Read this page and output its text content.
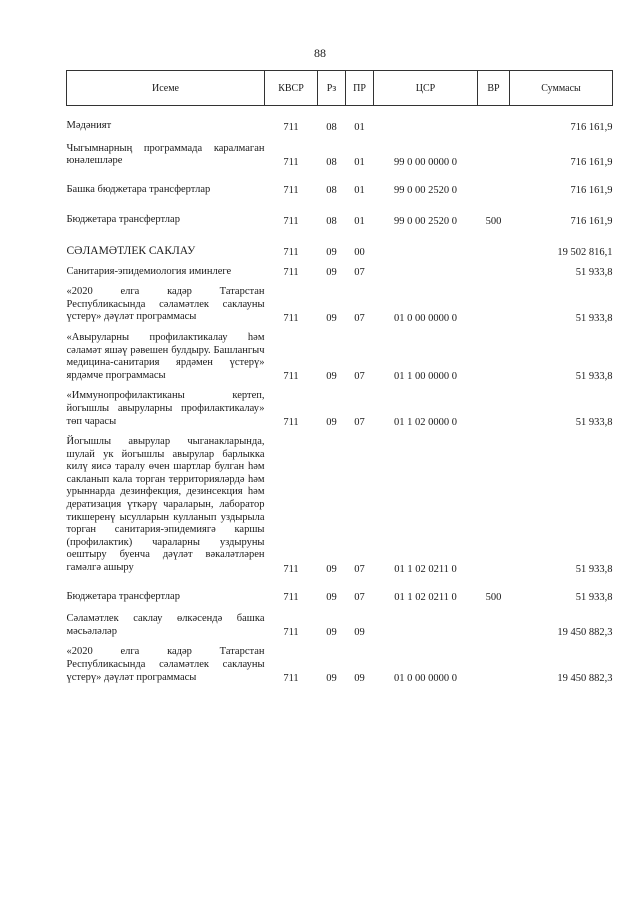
88
Исеме	КВСР	Рз	ПР	ЦСР	ВР	Суммасы

Мәдәният	711	08	01			716 161,9

Чыгымнарның программада каралмаган юнәлешләре	711	08	01	99 0 00 0000 0		716 161,9

Башка бюджетара трансфертлар	711	08	01	99 0 00 2520 0		716 161,9

Бюджетара трансфертлар	711	08	01	99 0 00 2520 0	500	716 161,9

СӘЛАМӘТЛЕК САКЛАУ	711	09	00			19 502 816,1

Санитария-эпидемиология иминлеге	711	09	07			51 933,8

«2020 елга кадәр Татарстан Республикасында сәламәтлек саклауны үстерү» дәүләт программасы	711	09	07	01 0 00 0000 0		51 933,8

«Авыруларны профилактикалау һәм сәламәт яшәү рәвешен булдыру. Башлангыч медицина-санитария ярдәмен үстерү» ярдәмче программасы	711	09	07	01 1 00 0000 0		51 933,8

«Иммунопрофилактиканы кертеп, йогышлы авыруларны профилактикалау» төп чарасы	711	09	07	01 1 02 0000 0		51 933,8

Йогышлы авырулар чыганакларында, шулай ук йогышлы авырулар барлыкка килү яисә таралу өчен шартлар булган һәм сакланып кала торган территорияләрдә һәм урыннарда дезинфекция, дезинсекция һәм дератизация үткәрү чараларын, лаборатор тикшеренү ысулларын кулланып уздырыла торган санитария-эпидемиягә каршы (профилактик) чараларны уздыруны оештыру буенча дәүләт вәкаләтләрен гамәлгә ашыру	711	09	07	01 1 02 0211 0		51 933,8

Бюджетара трансфертлар	711	09	07	01 1 02 0211 0	500	51 933,8

Сәламәтлек саклау өлкәсендә башка мәсьәләләр	711	09	09			19 450 882,3

«2020 елга кадәр Татарстан Республикасында сәламәтлек саклауны үстерү» дәүләт программасы	711	09	09	01 0 00 0000 0		19 450 882,3
